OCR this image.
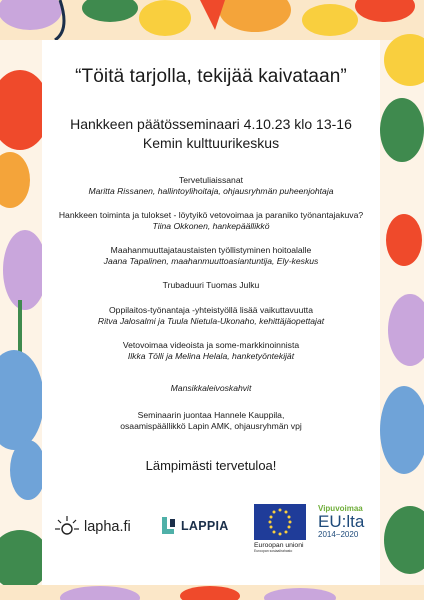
“Töitä tarjolla, tekijää kaivataan”
Hankkeen päätösseminaari 4.10.23 klo 13-16
Kemin kulttuurikeskus
Tervetuliaissanat
Maritta Rissanen, hallintoylihoitaja, ohjausryhmän puheenjohtaja
Hankkeen toiminta ja tulokset - löytyikö vetovoimaa ja paraniko työnantajakuva?
Tiina Okkonen, hankepäällikkö
Maahanmuuttajataustaisten työllistyminen hoitoalalle
Jaana Tapalinen, maahanmuuttoasiantuntija, Ely-keskus
Trubaduuri Tuomas Julku
Oppilaitos-työnantaja -yhteistyöllä lisää vaikuttavuutta
Ritva Jalosalmi ja Tuula Nietula-Ukonaho, kehittäjäopettajat
Vetovoimaa videoista ja some-markkinoinnista
Ilkka Tölli ja Melina Helala, hanketyöntekijät
Mansikkaleivoskahvit
Seminaarin juontaa Hannele Kauppila,
osaamispäällikkö Lapin AMK, ohjausryhmän vpj
Lämpimästi tervetuloa!
lapha.fi	LAPPIA
Euroopan unioni
Euroopan sosiaalirahasto
Vipuvoimaa
EU:lta
2014−2020
